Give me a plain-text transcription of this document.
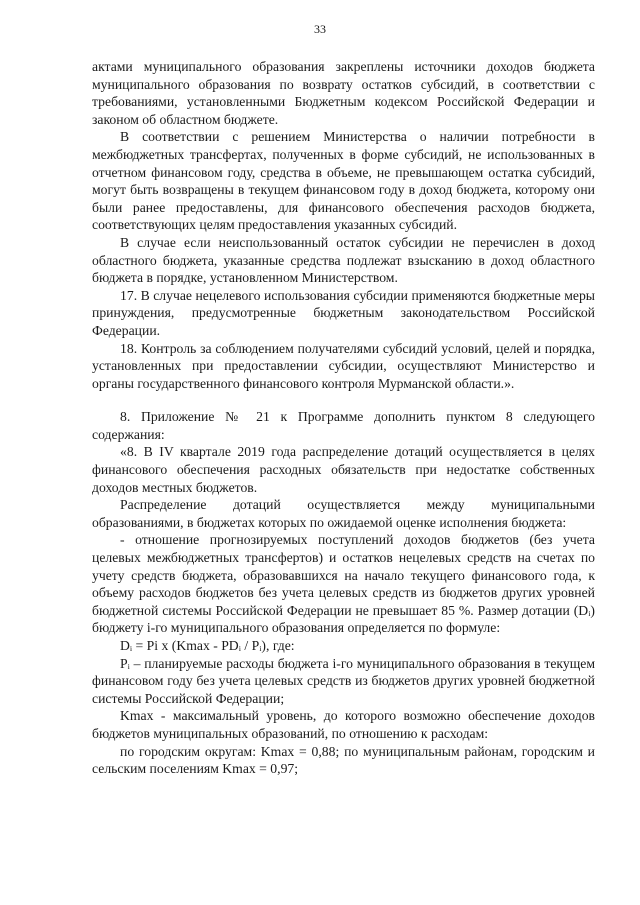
33

актами муниципального образования закреплены источники доходов бюджета муниципального образования по возврату остатков субсидий, в соответствии с требованиями, установленными Бюджетным кодексом Российской Федерации и законом об областном бюджете.

В соответствии с решением Министерства о наличии потребности в межбюджетных трансфертах, полученных в форме субсидий, не использованных в отчетном финансовом году, средства в объеме, не превышающем остатка субсидий, могут быть возвращены в текущем финансовом году в доход бюджета, которому они были ранее предоставлены, для финансового обеспечения расходов бюджета, соответствующих целям предоставления указанных субсидий.

В случае если неиспользованный остаток субсидии не перечислен в доход областного бюджета, указанные средства подлежат взысканию в доход областного бюджета в порядке, установленном Министерством.

17. В случае нецелевого использования субсидии применяются бюджетные меры принуждения, предусмотренные бюджетным законодательством Российской Федерации.

18. Контроль за соблюдением получателями субсидий условий, целей и порядка, установленных при предоставлении субсидии, осуществляют Министерство и органы государственного финансового контроля Мурманской области.».

8. Приложение № 21 к Программе дополнить пунктом 8 следующего содержания:

«8. В IV квартале 2019 года распределение дотаций осуществляется в целях финансового обеспечения расходных обязательств при недостатке собственных доходов местных бюджетов.

Распределение дотаций осуществляется между муниципальными образованиями, в бюджетах которых по ожидаемой оценке исполнения бюджета:

- отношение прогнозируемых поступлений доходов бюджетов (без учета целевых межбюджетных трансфертов) и остатков нецелевых средств на счетах по учету средств бюджета, образовавшихся на начало текущего финансового года, к объему расходов бюджетов без учета целевых средств из бюджетов других уровней бюджетной системы Российской Федерации не превышает 85 %. Размер дотации (Dᵢ) бюджету i-го муниципального образования определяется по формуле:

Dᵢ = Pi x (Kmax - PDᵢ / Pᵢ), где:

Pᵢ – планируемые расходы бюджета i-го муниципального образования в текущем финансовом году без учета целевых средств из бюджетов других уровней бюджетной системы Российской Федерации;

Kmax - максимальный уровень, до которого возможно обеспечение доходов бюджетов муниципальных образований, по отношению к расходам:

по городским округам: Kmax = 0,88; по муниципальным районам, городским и сельским поселениям Kmax = 0,97;
